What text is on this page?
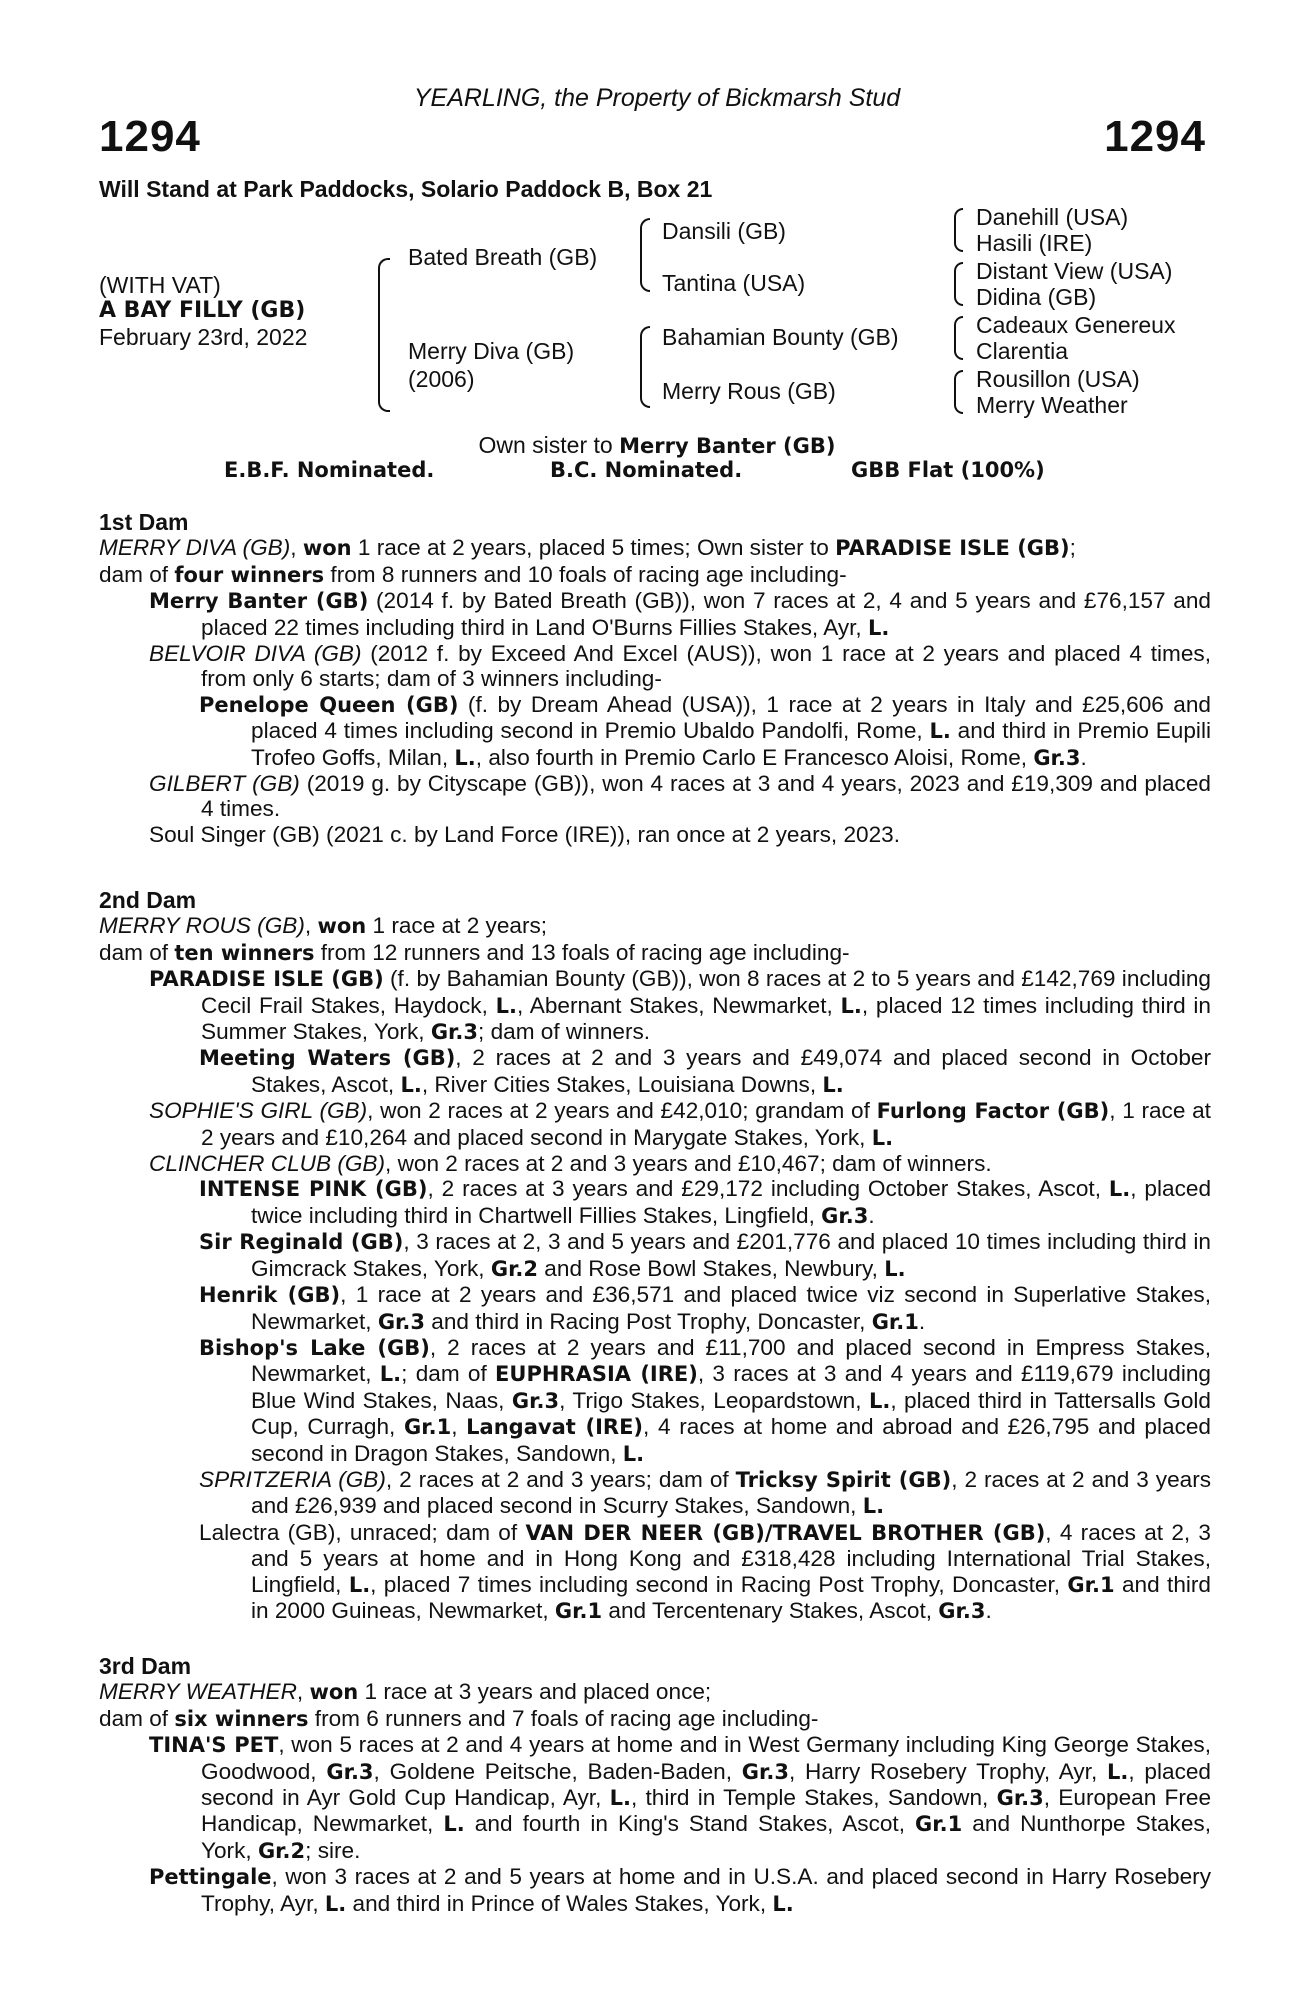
YEARLING, the Property of Bickmarsh Stud
1294	1294
Will Stand at Park Paddocks, Solario Paddock B, Box 21
(WITH VAT)
A BAY FILLY (GB)
February 23rd, 2022
Bated Breath (GB)
Merry Diva (GB)
(2006)
Dansili (GB)
Tantina (USA)
Bahamian Bounty (GB)
Merry Rous (GB)
Danehill (USA)
Hasili (IRE)
Distant View (USA)
Didina (GB)
Cadeaux Genereux
Clarentia
Rousillon (USA)
Merry Weather
Own sister to Merry Banter (GB)
E.B.F. Nominated.	B.C. Nominated.	GBB Flat (100%)

1st Dam

MERRY DIVA (GB), won 1 race at 2 years, placed 5 times; Own sister to PARADISE ISLE (GB);

dam of four winners from 8 runners and 10 foals of racing age including-

Merry Banter (GB) (2014 f. by Bated Breath (GB)), won 7 races at 2, 4 and 5 years and £76,157 and placed 22 times including third in Land O'Burns Fillies Stakes, Ayr, L.

BELVOIR DIVA (GB) (2012 f. by Exceed And Excel (AUS)), won 1 race at 2 years and placed 4 times, from only 6 starts; dam of 3 winners including-

Penelope Queen (GB) (f. by Dream Ahead (USA)), 1 race at 2 years in Italy and £25,606 and placed 4 times including second in Premio Ubaldo Pandolfi, Rome, L. and third in Premio Eupili Trofeo Goffs, Milan, L., also fourth in Premio Carlo E Francesco Aloisi, Rome, Gr.3.

GILBERT (GB) (2019 g. by Cityscape (GB)), won 4 races at 3 and 4 years, 2023 and £19,309 and placed 4 times.

Soul Singer (GB) (2021 c. by Land Force (IRE)), ran once at 2 years, 2023.

2nd Dam

MERRY ROUS (GB), won 1 race at 2 years;

dam of ten winners from 12 runners and 13 foals of racing age including-

PARADISE ISLE (GB) (f. by Bahamian Bounty (GB)), won 8 races at 2 to 5 years and £142,769 including Cecil Frail Stakes, Haydock, L., Abernant Stakes, Newmarket, L., placed 12 times including third in Summer Stakes, York, Gr.3; dam of winners.

Meeting Waters (GB), 2 races at 2 and 3 years and £49,074 and placed second in October Stakes, Ascot, L., River Cities Stakes, Louisiana Downs, L.

SOPHIE'S GIRL (GB), won 2 races at 2 years and £42,010; grandam of Furlong Factor (GB), 1 race at 2 years and £10,264 and placed second in Marygate Stakes, York, L.

CLINCHER CLUB (GB), won 2 races at 2 and 3 years and £10,467; dam of winners.

INTENSE PINK (GB), 2 races at 3 years and £29,172 including October Stakes, Ascot, L., placed twice including third in Chartwell Fillies Stakes, Lingfield, Gr.3.

Sir Reginald (GB), 3 races at 2, 3 and 5 years and £201,776 and placed 10 times including third in Gimcrack Stakes, York, Gr.2 and Rose Bowl Stakes, Newbury, L.

Henrik (GB), 1 race at 2 years and £36,571 and placed twice viz second in Superlative Stakes, Newmarket, Gr.3 and third in Racing Post Trophy, Doncaster, Gr.1.

Bishop's Lake (GB), 2 races at 2 years and £11,700 and placed second in Empress Stakes, Newmarket, L.; dam of EUPHRASIA (IRE), 3 races at 3 and 4 years and £119,679 including Blue Wind Stakes, Naas, Gr.3, Trigo Stakes, Leopardstown, L., placed third in Tattersalls Gold Cup, Curragh, Gr.1, Langavat (IRE), 4 races at home and abroad and £26,795 and placed second in Dragon Stakes, Sandown, L.

SPRITZERIA (GB), 2 races at 2 and 3 years; dam of Tricksy Spirit (GB), 2 races at 2 and 3 years and £26,939 and placed second in Scurry Stakes, Sandown, L.

Lalectra (GB), unraced; dam of VAN DER NEER (GB)/TRAVEL BROTHER (GB), 4 races at 2, 3 and 5 years at home and in Hong Kong and £318,428 including International Trial Stakes, Lingfield, L., placed 7 times including second in Racing Post Trophy, Doncaster, Gr.1 and third in 2000 Guineas, Newmarket, Gr.1 and Tercentenary Stakes, Ascot, Gr.3.

3rd Dam

MERRY WEATHER, won 1 race at 3 years and placed once;

dam of six winners from 6 runners and 7 foals of racing age including-

TINA'S PET, won 5 races at 2 and 4 years at home and in West Germany including King George Stakes, Goodwood, Gr.3, Goldene Peitsche, Baden-Baden, Gr.3, Harry Rosebery Trophy, Ayr, L., placed second in Ayr Gold Cup Handicap, Ayr, L., third in Temple Stakes, Sandown, Gr.3, European Free Handicap, Newmarket, L. and fourth in King's Stand Stakes, Ascot, Gr.1 and Nunthorpe Stakes, York, Gr.2; sire.

Pettingale, won 3 races at 2 and 5 years at home and in U.S.A. and placed second in Harry Rosebery Trophy, Ayr, L. and third in Prince of Wales Stakes, York, L.
